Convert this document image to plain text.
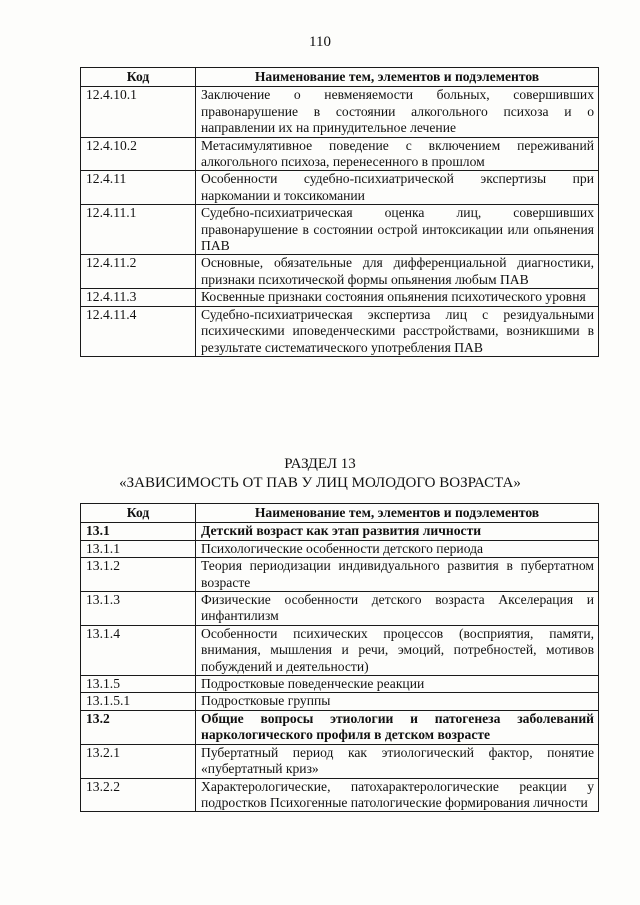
110
Код	Наименование тем, элементов и подэлементов
12.4.10.1	Заключение о невменяемости больных, совершивших правонарушение в состоянии алкогольного психоза и о направлении их на принудительное лечение
12.4.10.2	Метасимулятивное поведение с включением переживаний алкогольного психоза, перенесенного в прошлом
12.4.11	Особенности судебно-психиатрической экспертизы при наркомании и токсикомании
12.4.11.1	Судебно-психиатрическая оценка лиц, совершивших правонарушение в состоянии острой интоксикации или опьянения ПАВ
12.4.11.2	Основные, обязательные для дифференциальной диагностики, признаки психотической формы опьянения любым ПАВ
12.4.11.3	Косвенные признаки состояния опьянения психотического уровня
12.4.11.4	Судебно-психиатрическая экспертиза лиц с резидуальными психическими иповеденческими расстройствами, возникшими в результате систематического употребления ПАВ
РАЗДЕЛ 13
«ЗАВИСИМОСТЬ ОТ ПАВ У ЛИЦ МОЛОДОГО ВОЗРАСТА»
Код	Наименование тем, элементов и подэлементов
13.1	Детский возраст как этап развития личности
13.1.1	Психологические особенности детского периода
13.1.2	Теория периодизации индивидуального развития в пубертатном возрасте
13.1.3	Физические особенности детского возраста Акселерация и инфантилизм
13.1.4	Особенности психических процессов (восприятия, памяти, внимания, мышления и речи, эмоций, потребностей, мотивов побуждений и деятельности)
13.1.5	Подростковые поведенческие реакции
13.1.5.1	Подростковые группы
13.2	Общие вопросы этиологии и патогенеза заболеваний наркологического профиля в детском возрасте
13.2.1	Пубертатный период как этиологический фактор, понятие «пубертатный криз»
13.2.2	Характерологические, патохарактерологические реакции у подростков Психогенные патологические формирования личности
